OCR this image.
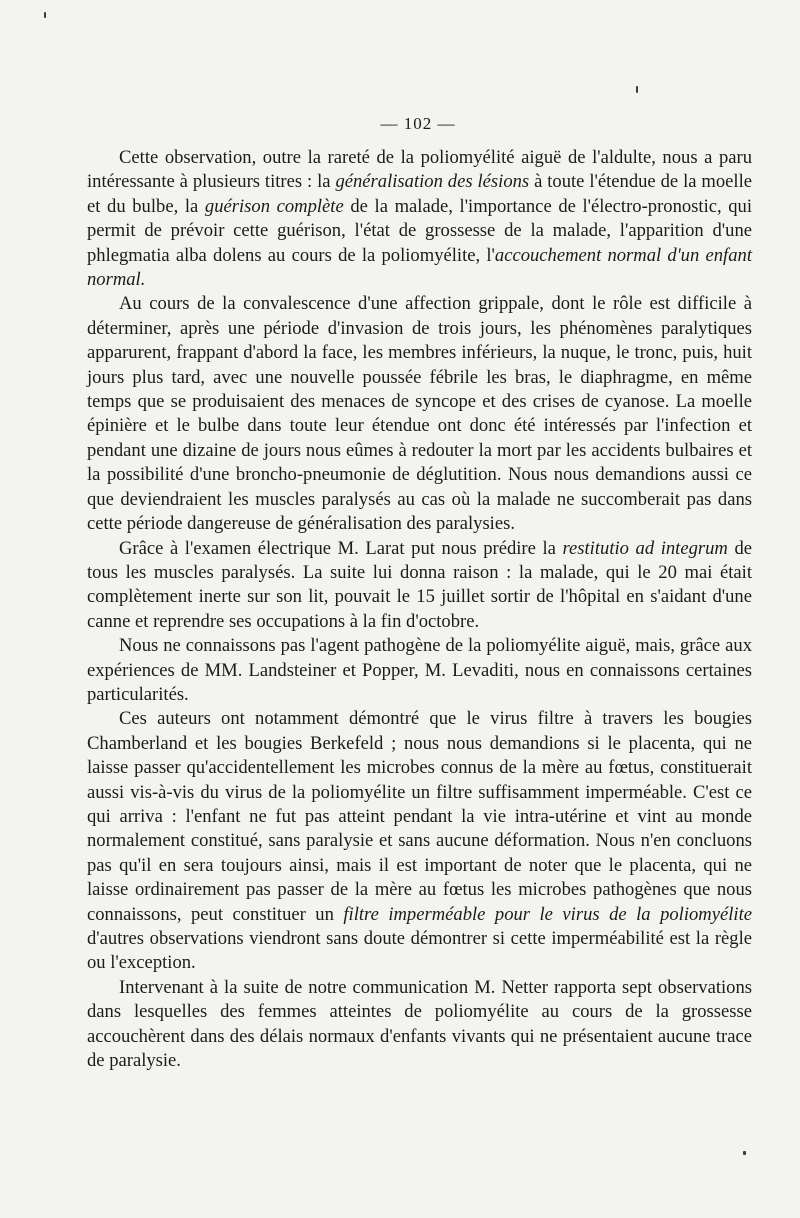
— 102 —

Cette observation, outre la rareté de la poliomyélité aiguë de l'aldulte, nous a paru intéressante à plusieurs titres : la généralisation des lésions à toute l'étendue de la moelle et du bulbe, la guérison complète de la malade, l'importance de l'électro-pronostic, qui permit de prévoir cette guérison, l'état de grossesse de la malade, l'apparition d'une phlegmatia alba dolens au cours de la poliomyélite, l'accouchement normal d'un enfant normal.

Au cours de la convalescence d'une affection grippale, dont le rôle est difficile à déterminer, après une période d'invasion de trois jours, les phénomènes paralytiques apparurent, frappant d'abord la face, les membres inférieurs, la nuque, le tronc, puis, huit jours plus tard, avec une nouvelle poussée fébrile les bras, le diaphragme, en même temps que se produisaient des menaces de syncope et des crises de cyanose. La moelle épinière et le bulbe dans toute leur étendue ont donc été intéressés par l'infection et pendant une dizaine de jours nous eûmes à redouter la mort par les accidents bulbaires et la possibilité d'une broncho-pneumonie de déglutition. Nous nous demandions aussi ce que deviendraient les muscles paralysés au cas où la malade ne succomberait pas dans cette période dangereuse de généralisation des paralysies.

Grâce à l'examen électrique M. Larat put nous prédire la restitutio ad integrum de tous les muscles paralysés. La suite lui donna raison : la malade, qui le 20 mai était complètement inerte sur son lit, pouvait le 15 juillet sortir de l'hôpital en s'aidant d'une canne et reprendre ses occupations à la fin d'octobre.

Nous ne connaissons pas l'agent pathogène de la poliomyélite aiguë, mais, grâce aux expériences de MM. Landsteiner et Popper, M. Levaditi, nous en connaissons certaines particularités.

Ces auteurs ont notamment démontré que le virus filtre à travers les bougies Chamberland et les bougies Berkefeld ; nous nous demandions si le placenta, qui ne laisse passer qu'accidentellement les microbes connus de la mère au fœtus, constituerait aussi vis-à-vis du virus de la poliomyélite un filtre suffisamment imperméable. C'est ce qui arriva : l'enfant ne fut pas atteint pendant la vie intra-utérine et vint au monde normalement constitué, sans paralysie et sans aucune déformation. Nous n'en concluons pas qu'il en sera toujours ainsi, mais il est important de noter que le placenta, qui ne laisse ordinairement pas passer de la mère au fœtus les microbes pathogènes que nous connaissons, peut constituer un filtre imperméable pour le virus de la poliomyélite d'autres observations viendront sans doute démontrer si cette imperméabilité est la règle ou l'exception.

Intervenant à la suite de notre communication M. Netter rapporta sept observations dans lesquelles des femmes atteintes de poliomyélite au cours de la grossesse accouchèrent dans des délais normaux d'enfants vivants qui ne présentaient aucune trace de paralysie.
